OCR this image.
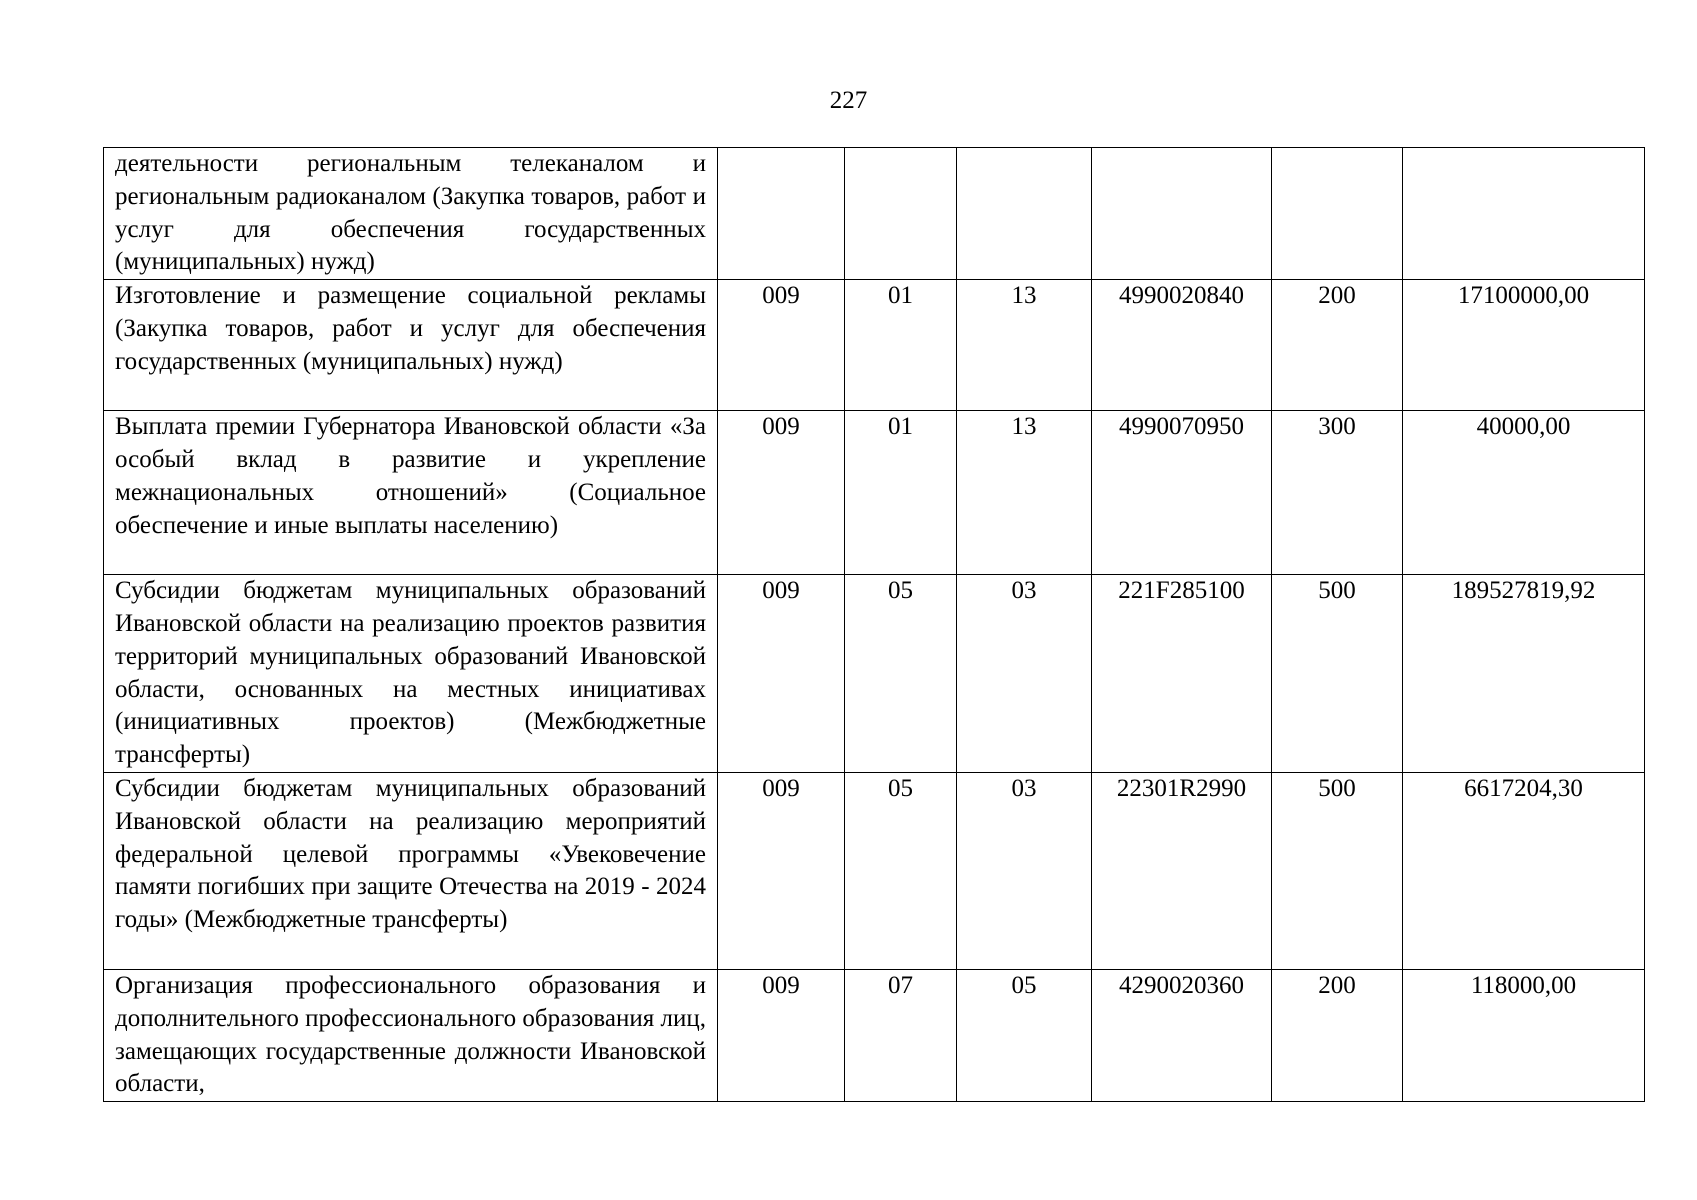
227
деятельности региональным телеканалом и региональным радиоканалом (Закупка товаров, работ и услуг для обеспечения государственных (муниципальных) нужд)						
Изготовление и размещение социальной рекламы (Закупка товаров, работ и услуг для обеспечения государственных (муниципальных) нужд)	009	01	13	4990020840	200	17100000,00
Выплата премии Губернатора Ивановской области «За особый вклад в развитие и укрепление межнациональных отношений» (Социальное обеспечение и иные выплаты населению)	009	01	13	4990070950	300	40000,00
Субсидии бюджетам муниципальных образований Ивановской области на реализацию проектов развития территорий муниципальных образований Ивановской области, основанных на местных инициативах (инициативных проектов) (Межбюджетные трансферты)	009	05	03	221F285100	500	189527819,92
Субсидии бюджетам муниципальных образований Ивановской области на реализацию мероприятий федеральной целевой программы «Увековечение памяти погибших при защите Отечества на 2019 - 2024 годы» (Межбюджетные трансферты)	009	05	03	22301R2990	500	6617204,30
Организация профессионального образования и дополнительного профессионального образования лиц, замещающих государственные должности Ивановской области,	009	07	05	4290020360	200	118000,00
